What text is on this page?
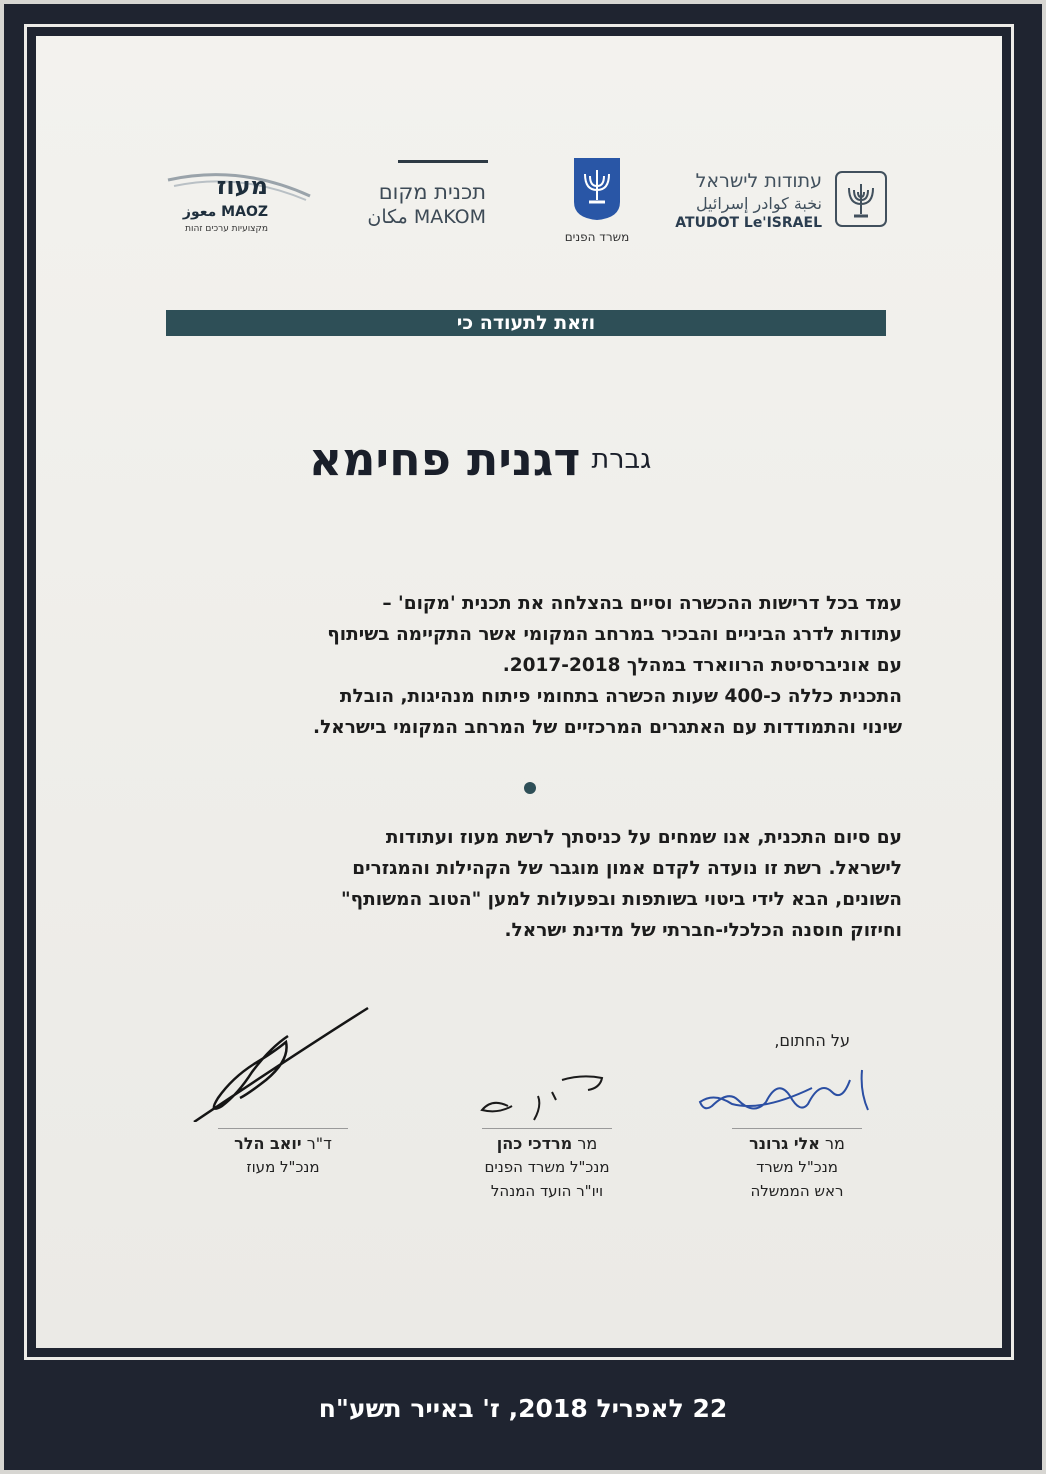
עתודות לישראל
نخبة كوادر إسرائيل
ATUDOT Le'ISRAEL
משרד הפנים
תכנית מקום
MAKOM مكان
מעוז
MAOZ معوز
מקצועיות ערכים זהות
וזאת לתעודה כי
גברת דגנית פחימא

עמד בכל דרישות ההכשרה וסיים בהצלחה את תכנית 'מקום' –

עתודות לדרג הביניים והבכיר במרחב המקומי אשר התקיימה בשיתוף

עם אוניברסיטת הרווארד במהלך 2017-2018.

התכנית כללה כ-400 שעות הכשרה בתחומי פיתוח מנהיגות, הובלת

שינוי והתמודדות עם האתגרים המרכזיים של המרחב המקומי בישראל.

עם סיום התכנית, אנו שמחים על כניסתך לרשת מעוז ועתודות

לישראל. רשת זו נועדה לקדם אמון מוגבר של הקהילות והמגזרים

השונים, הבא לידי ביטוי בשותפות ובפעולות למען "הטוב המשותף"

וחיזוק חוסנה הכלכלי-חברתי של מדינת ישראל.

על החתום,
מר אלי גרונר
מנכ"ל משרד
ראש הממשלה
מר מרדכי כהן
מנכ"ל משרד הפנים
ויו"ר הועד המנהל
ד"ר יואב הלר
מנכ"ל מעוז
22 לאפריל 2018, ז' באייר תשע"ח
